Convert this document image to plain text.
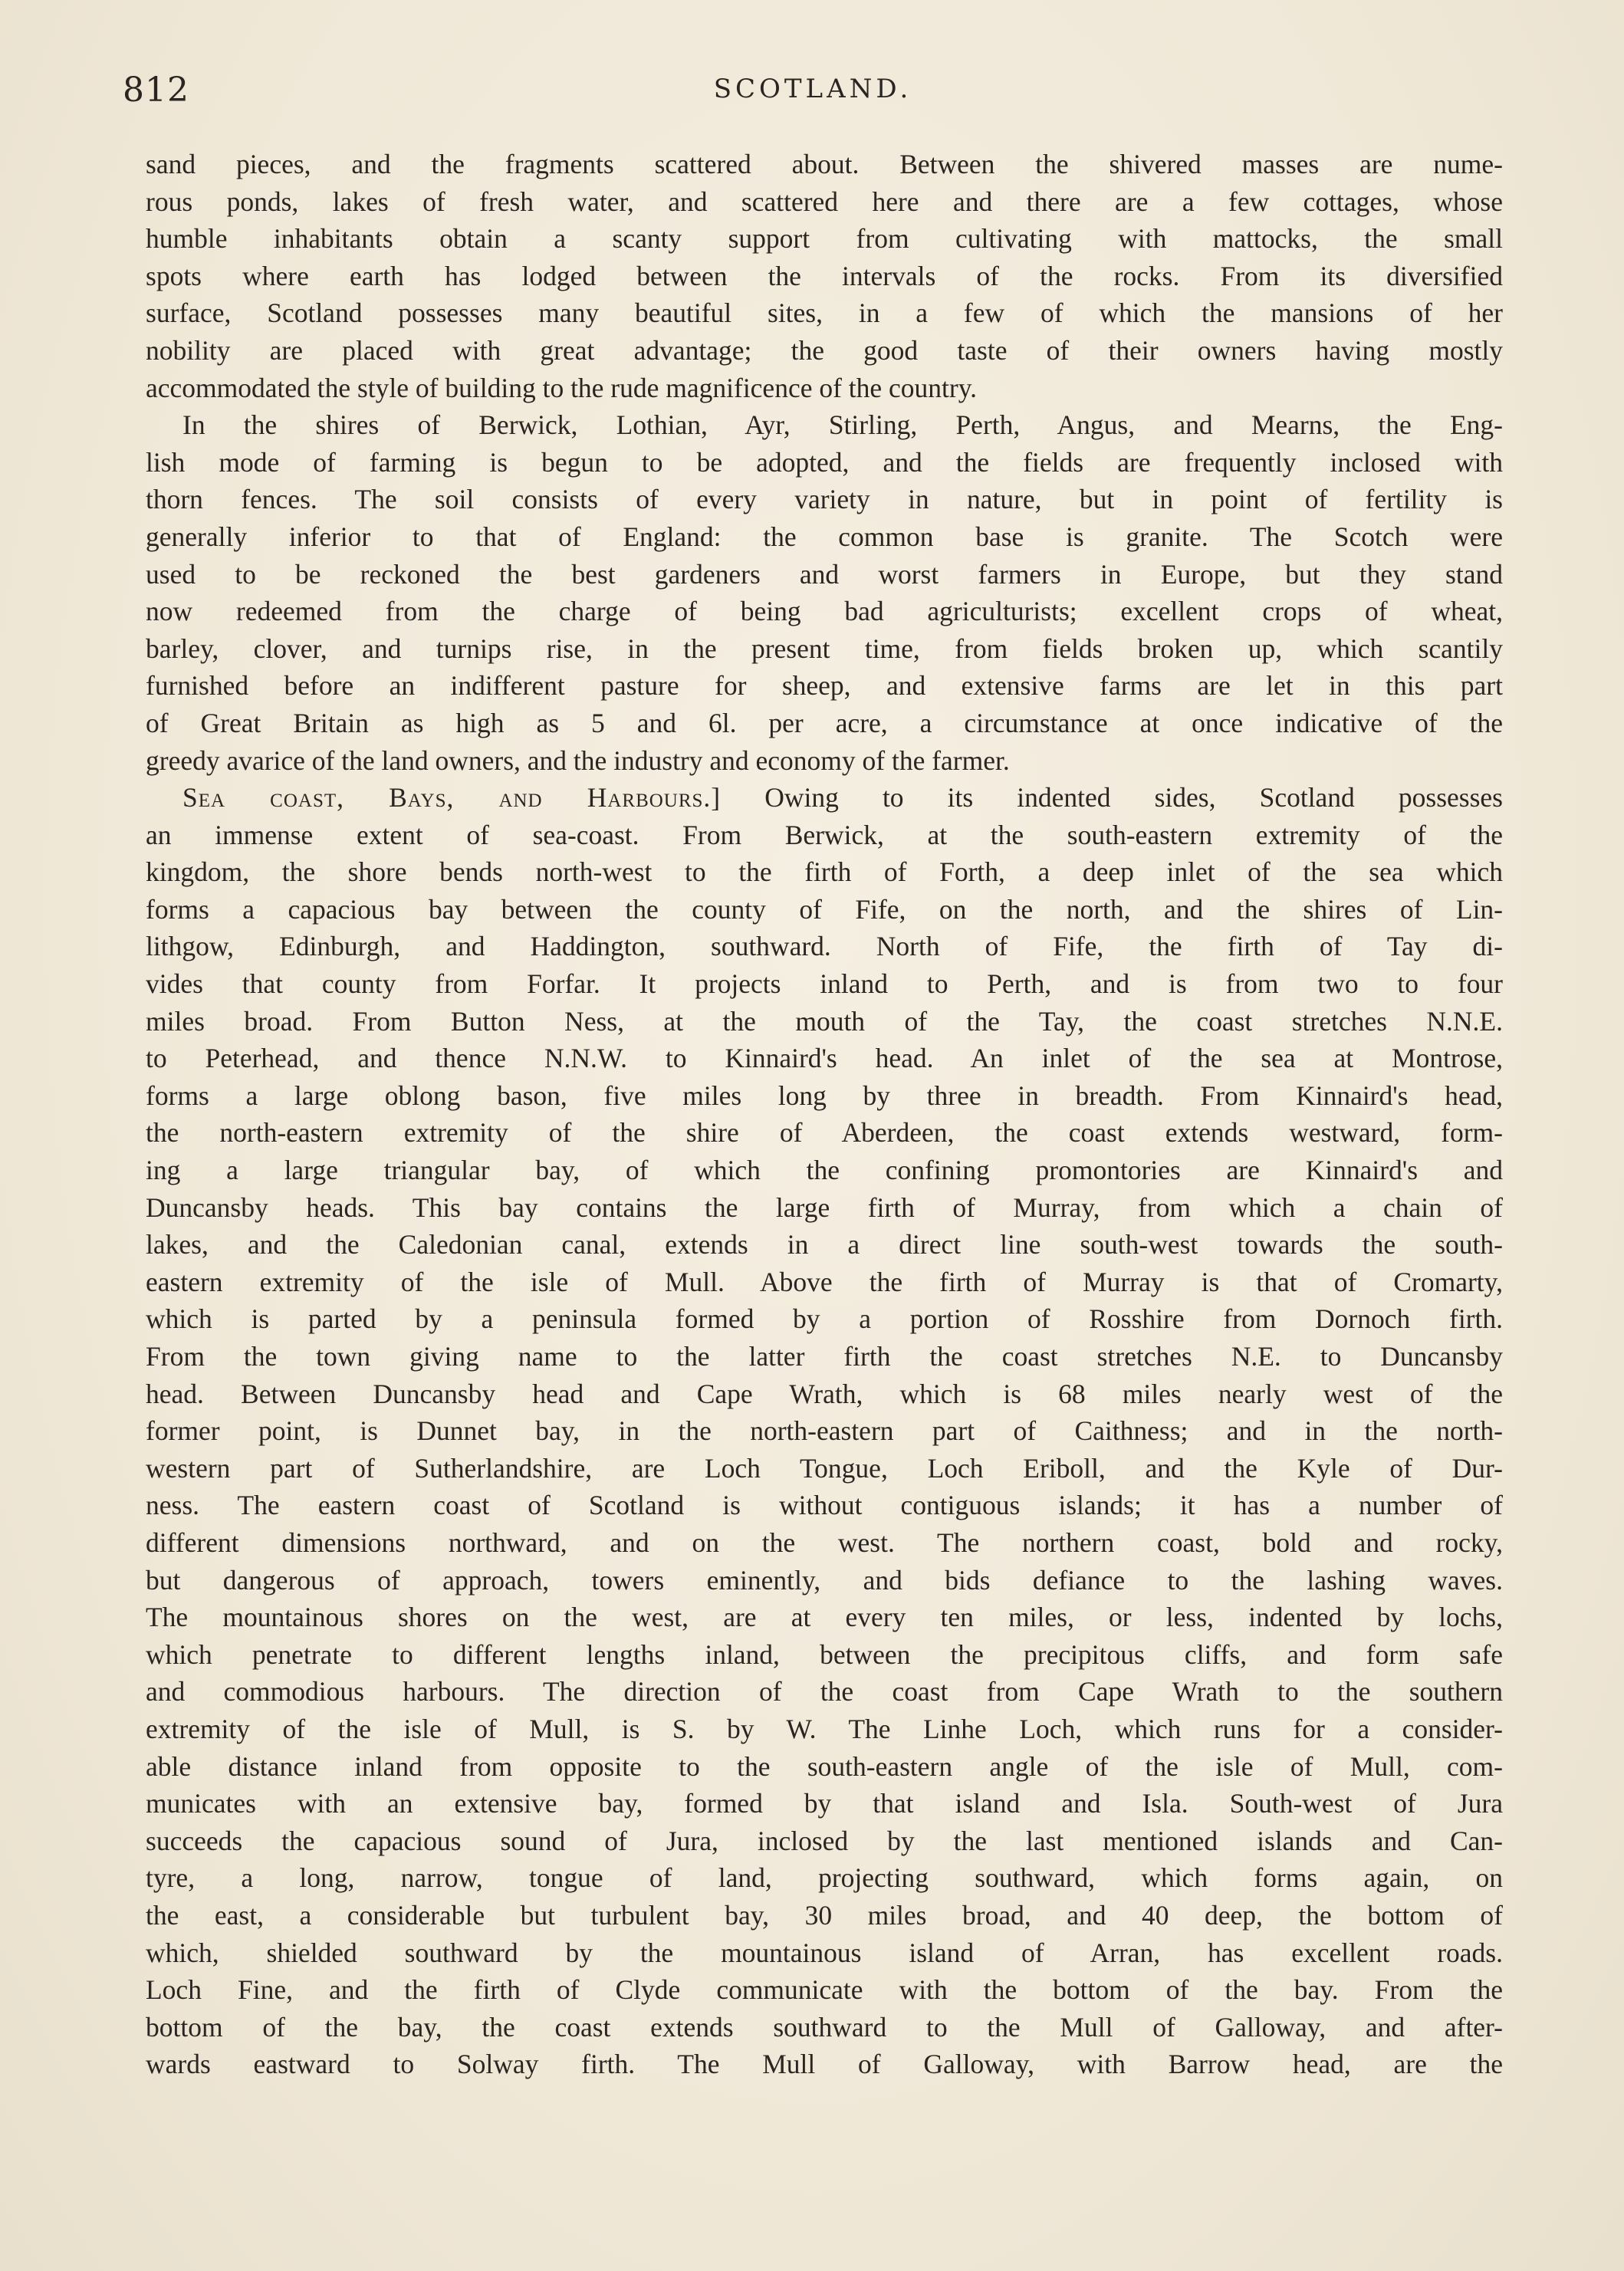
812	SCOTLAND.
sand pieces, and the fragments scattered about. Between the shivered masses are nume-
rous ponds, lakes of fresh water, and scattered here and there are a few cottages, whose
humble inhabitants obtain a scanty support from cultivating with mattocks, the small
spots where earth has lodged between the intervals of the rocks. From its diversified
surface, Scotland possesses many beautiful sites, in a few of which the mansions of her
nobility are placed with great advantage; the good taste of their owners having mostly
accommodated the style of building to the rude magnificence of the country.
In the shires of Berwick, Lothian, Ayr, Stirling, Perth, Angus, and Mearns, the Eng-
lish mode of farming is begun to be adopted, and the fields are frequently inclosed with
thorn fences. The soil consists of every variety in nature, but in point of fertility is
generally inferior to that of England: the common base is granite. The Scotch were
used to be reckoned the best gardeners and worst farmers in Europe, but they stand
now redeemed from the charge of being bad agriculturists; excellent crops of wheat,
barley, clover, and turnips rise, in the present time, from fields broken up, which scantily
furnished before an indifferent pasture for sheep, and extensive farms are let in this part
of Great Britain as high as 5 and 6l. per acre, a circumstance at once indicative of the
greedy avarice of the land owners, and the industry and economy of the farmer.
Sea coast, Bays, and Harbours.] Owing to its indented sides, Scotland possesses
an immense extent of sea-coast. From Berwick, at the south-eastern extremity of the
kingdom, the shore bends north-west to the firth of Forth, a deep inlet of the sea which
forms a capacious bay between the county of Fife, on the north, and the shires of Lin-
lithgow, Edinburgh, and Haddington, southward. North of Fife, the firth of Tay di-
vides that county from Forfar. It projects inland to Perth, and is from two to four
miles broad. From Button Ness, at the mouth of the Tay, the coast stretches N.N.E.
to Peterhead, and thence N.N.W. to Kinnaird's head. An inlet of the sea at Montrose,
forms a large oblong bason, five miles long by three in breadth. From Kinnaird's head,
the north-eastern extremity of the shire of Aberdeen, the coast extends westward, form-
ing a large triangular bay, of which the confining promontories are Kinnaird's and
Duncansby heads. This bay contains the large firth of Murray, from which a chain of
lakes, and the Caledonian canal, extends in a direct line south-west towards the south-
eastern extremity of the isle of Mull. Above the firth of Murray is that of Cromarty,
which is parted by a peninsula formed by a portion of Rosshire from Dornoch firth.
From the town giving name to the latter firth the coast stretches N.E. to Duncansby
head. Between Duncansby head and Cape Wrath, which is 68 miles nearly west of the
former point, is Dunnet bay, in the north-eastern part of Caithness; and in the north-
western part of Sutherlandshire, are Loch Tongue, Loch Eriboll, and the Kyle of Dur-
ness. The eastern coast of Scotland is without contiguous islands; it has a number of
different dimensions northward, and on the west. The northern coast, bold and rocky,
but dangerous of approach, towers eminently, and bids defiance to the lashing waves.
The mountainous shores on the west, are at every ten miles, or less, indented by lochs,
which penetrate to different lengths inland, between the precipitous cliffs, and form safe
and commodious harbours. The direction of the coast from Cape Wrath to the southern
extremity of the isle of Mull, is S. by W. The Linhe Loch, which runs for a consider-
able distance inland from opposite to the south-eastern angle of the isle of Mull, com-
municates with an extensive bay, formed by that island and Isla. South-west of Jura
succeeds the capacious sound of Jura, inclosed by the last mentioned islands and Can-
tyre, a long, narrow, tongue of land, projecting southward, which forms again, on
the east, a considerable but turbulent bay, 30 miles broad, and 40 deep, the bottom of
which, shielded southward by the mountainous island of Arran, has excellent roads.
Loch Fine, and the firth of Clyde communicate with the bottom of the bay. From the
bottom of the bay, the coast extends southward to the Mull of Galloway, and after-
wards eastward to Solway firth. The Mull of Galloway, with Barrow head, are the
